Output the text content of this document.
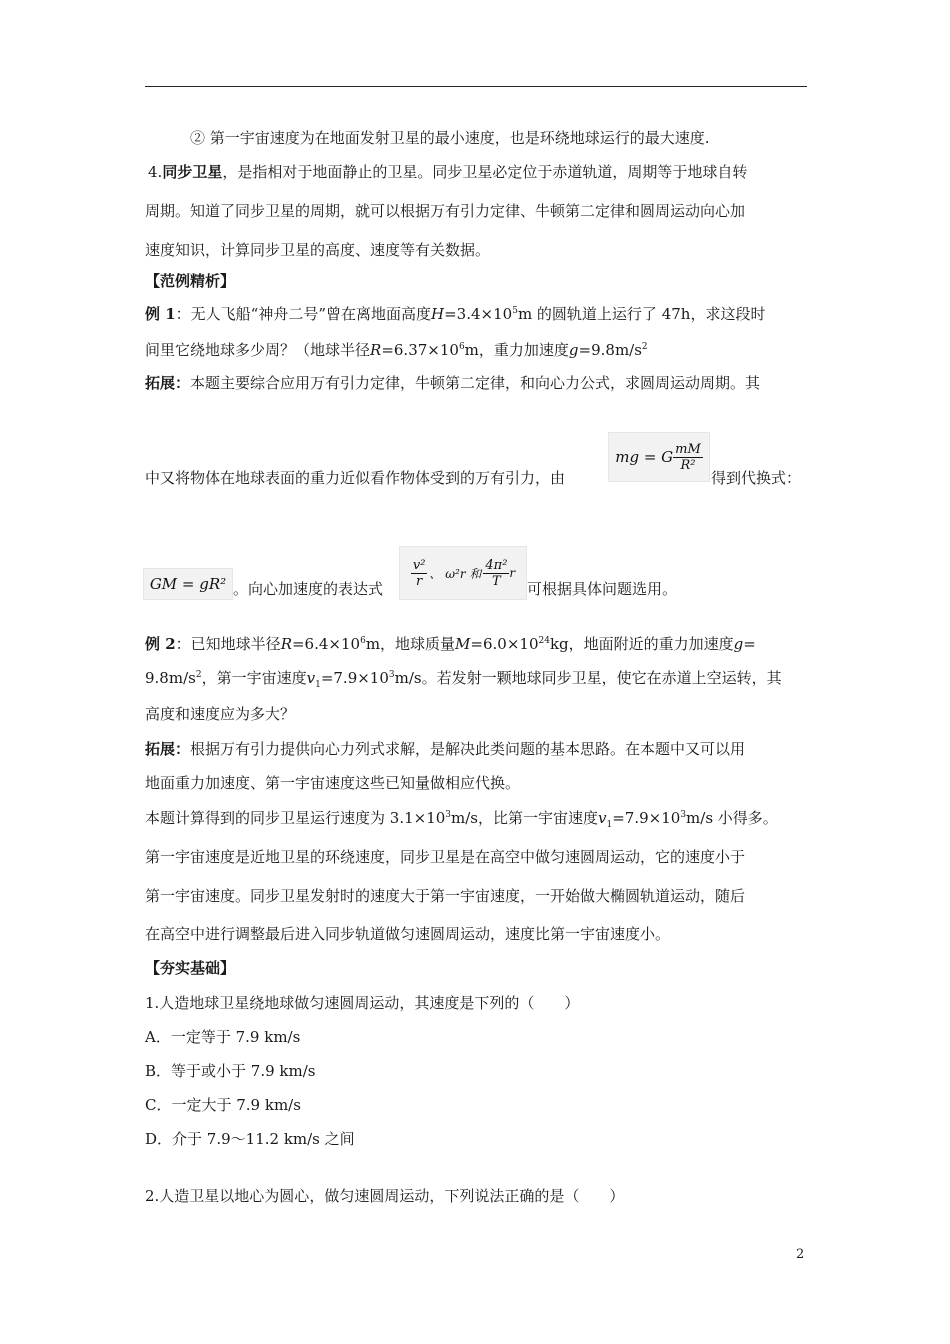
② 第一宇宙速度为在地面发射卫星的最小速度，也是环绕地球运行的最大速度.
4.同步卫星，是指相对于地面静止的卫星。同步卫星必定位于赤道轨道，周期等于地球自转
周期。知道了同步卫星的周期，就可以根据万有引力定律、牛顿第二定律和圆周运动向心加
速度知识，计算同步卫星的高度、速度等有关数据。
【范例精析】
例 1：无人飞船“神舟二号”曾在离地面高度$H=3.4\times 10^5m$ 的圆轨道上运行了 47h，求这段时
间里它绕地球多少周？（地球半径$R=6.37\times 10^6m$，重力加速度$g=9.8m/s^2$
拓展：本题主要综合应用万有引力定律，牛顿第二定律，和向心力公式，求圆周运动周期。其
中又将物体在地球表面的重力近似看作物体受到的万有引力，由
mg = G $\frac{mM}{\text{R²}}$
得到代换式：
GM = gR² 。向心加速度的表达式
$\frac{\text{v²}}{r}$ 、 ω²r 和 $\frac{\text{4π²}}{T}$ r
可根据具体问题选用。
例 2：已知地球半径$R=6.4\times 10^6m$，地球质量$M=6.0\times 10^{24}kg$，地面附近的重力加速度g=
$9.8m/s^2$，第一宇宙速度$v_1=7.9\times 10^3m/s$。若发射一颗地球同步卫星，使它在赤道上空运转，其
高度和速度应为多大？
拓展：根据万有引力提供向心力列式求解，是解决此类问题的基本思路。在本题中又可以用
地面重力加速度、第一宇宙速度这些已知量做相应代换。
本题计算得到的同步卫星运行速度为 $3.1\times 10^3m/s$，比第一宇宙速度$v_1=7.9\times 10^3m/s$ 小得多。
第一宇宙速度是近地卫星的环绕速度，同步卫星是在高空中做匀速圆周运动，它的速度小于
第一宇宙速度。同步卫星发射时的速度大于第一宇宙速度，一开始做大椭圆轨道运动，随后
在高空中进行调整最后进入同步轨道做匀速圆周运动，速度比第一宇宙速度小。
【夯实基础】
1.人造地球卫星绕地球做匀速圆周运动，其速度是下列的（　　）
A．一定等于 7.9 km/s
B．等于或小于 7.9 km/s
C．一定大于 7.9 km/s
D．介于 7.9～11.2 km/s 之间
2.人造卫星以地心为圆心，做匀速圆周运动，下列说法正确的是（　　）
2
